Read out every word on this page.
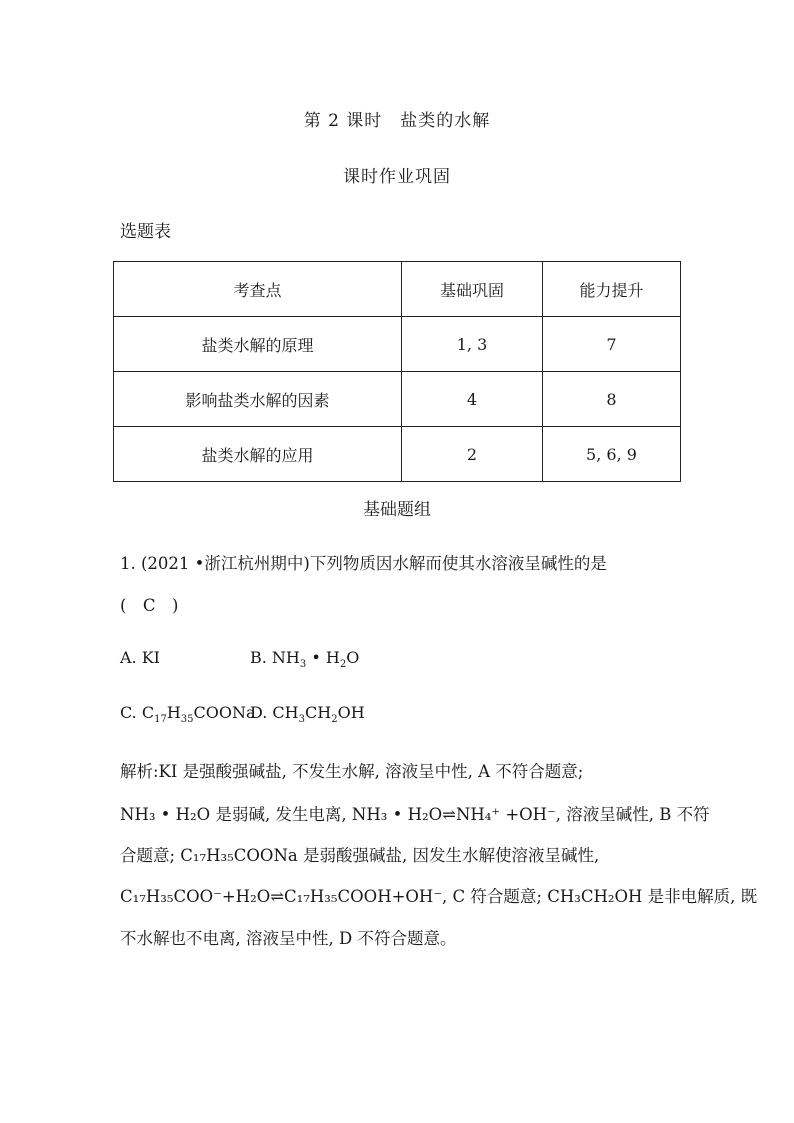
第 2 课时　盐类的水解
课时作业巩固
选题表
考查点	基础巩固	能力提升
盐类水解的原理	1, 3	7
影响盐类水解的因素	4	8
盐类水解的应用	2	5, 6, 9
基础题组
1. (2021 •浙江杭州期中)下列物质因水解而使其水溶液呈碱性的是
(　C　)
A. KI	B. $NH_3$ • $H_2O$
C. $C_{17}H_{35}COONa$
D. $CH_3CH_2OH$
解析:KI 是强酸强碱盐, 不发生水解, 溶液呈中性, A 不符合题意;
NH₃ • H₂O 是弱碱, 发生电离, NH₃ • H₂O⇌NH₄⁺ +OH⁻, 溶液呈碱性, B 不符
合题意; C₁₇H₃₅COONa 是弱酸强碱盐, 因发生水解使溶液呈碱性,
C₁₇H₃₅COO⁻+H₂O⇌C₁₇H₃₅COOH+OH⁻, C 符合题意; CH₃CH₂OH 是非电解质, 既
不水解也不电离, 溶液呈中性, D 不符合题意。
